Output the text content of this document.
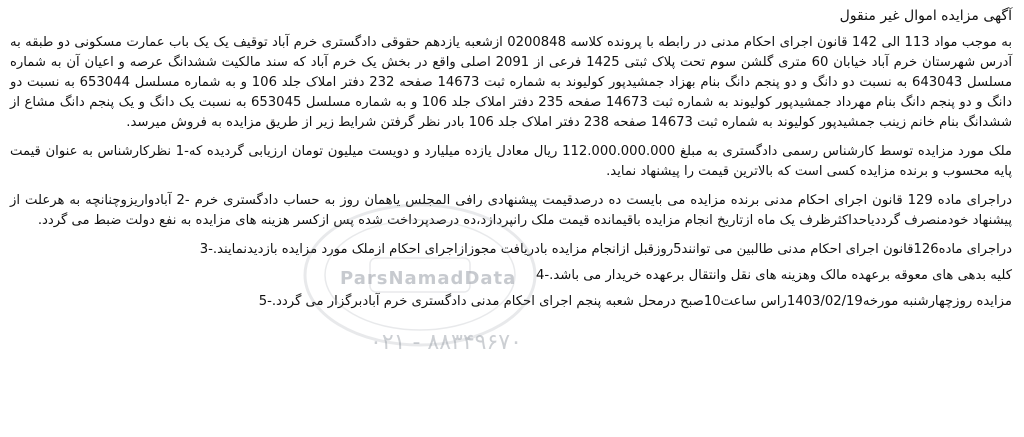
آگهی مزایده اموال غیر منقول

به موجب مواد 113 الی 142 قانون اجرای احکام مدنی در رابطه با پرونده کلاسه 0200848 ازشعبه یازدهم حقوقی دادگستری خرم آباد توقیف یک یک باب عمارت مسکونی دو طبقه به آدرس شهرستان خرم آباد خیابان 60 متری گلشن سوم تحت پلاک ثبتی 1425 فرعی از 2091 اصلی واقع در بخش یک خرم آباد که سند مالکیت ششدانگ عرصه و اعیان آن به شماره مسلسل 643043 به نسبت دو دانگ و دو پنجم دانگ بنام بهزاد جمشیدپور کولیوند به شماره ثبت 14673 صفحه 232 دفتر املاک جلد 106 و به شماره مسلسل 653044 به نسبت دو دانگ و دو پنجم دانگ بنام مهرداد جمشیدپور کولیوند به شماره ثبت 14673 صفحه 235 دفتر املاک جلد 106 و به شماره مسلسل 653045 به نسبت یک دانگ و یک پنجم دانگ مشاع از ششدانگ بنام خانم زینب جمشیدپور کولیوند به شماره ثبت 14673 صفحه 238 دفتر املاک جلد 106 بادر نظر گرفتن شرایط زیر از طریق مزایده به فروش میرسد.

ملک مورد مزایده توسط کارشناس رسمی دادگستری به مبلغ 112.000.000.000 ریال معادل یازده میلیارد و دویست میلیون تومان ارزیابی گردیده که-1 نظرکارشناس به عنوان قیمت پایه محسوب و برنده مزایده کسی است که بالاترین قیمت را پیشنهاد نماید.

دراجرای ماده 129 قانون اجرای احکام مدنی برنده مزایده می بایست ده درصدقیمت پیشنهادی رافی المجلس یاهمان روز به حساب دادگستری خرم -2 آبادواریزوچنانچه به هرعلت از پیشنهاد خودمنصرف گرددیاحداکثرظرف یک ماه ازتاریخ انجام مزایده باقیمانده قیمت ملک رانپردازد،ده درصدپرداخت شده پس ازکسر هزینه های مزایده به نفع دولت ضبط می گردد.

دراجرای ماده126قانون اجرای احکام مدنی طالبین می توانند5روزقبل ازانجام مزایده بادریافت مجوزازاجرای احکام ازملک مورد مزایده بازدیدنمایند.-3

کلیه بدهی های معوقه برعهده مالک وهزینه های نقل وانتقال برعهده خریدار می باشد.-4

مزایده روزچهارشنبه مورخه1403/02/19راس ساعت10صبح درمحل شعبه پنجم اجرای احکام مدنی دادگستری خرم آبادبرگزار می گردد.-5

ParsNamadData
۰۲۱ - ۸۸۳۴۹۶۷۰
